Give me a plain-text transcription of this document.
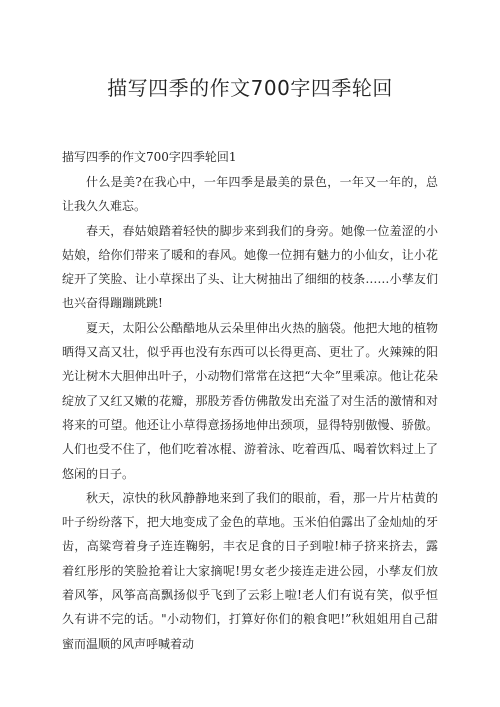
描写四季的作文700字四季轮回
描写四季的作文700字四季轮回1

什么是美?在我心中，一年四季是最美的景色，一年又一年的，总让我久久难忘。

春天，春姑娘踏着轻快的脚步来到我们的身旁。她像一位羞涩的小姑娘，给你们带来了暖和的春风。她像一位拥有魅力的小仙女，让小花绽开了笑脸、让小草探出了头、让大树抽出了细细的枝条……小孳友们也兴奋得蹦蹦跳跳!

夏天，太阳公公酷酷地从云朵里伸出火热的脑袋。他把大地的植物晒得又高又壮，似乎再也没有东西可以长得更高、更壮了。火辣辣的阳光让树木大胆伸出叶子，小动物们常常在这把“大伞”里乘凉。他让花朵绽放了又红又嫩的花瓣，那股芳香仿佛散发出充溢了对生活的激情和对将来的可望。他还让小草得意扬扬地伸出颈项，显得特别傲慢、骄傲。人们也受不住了，他们吃着冰棍、游着泳、吃着西瓜、喝着饮料过上了悠闲的日子。

秋天，凉快的秋风静静地来到了我们的眼前，看，那一片片枯黄的叶子纷纷落下，把大地变成了金色的草地。玉米伯伯露出了金灿灿的牙齿，高粱弯着身子连连鞠躬，丰衣足食的日子到啦!柿子挤来挤去，露着红彤彤的笑脸抢着让大家摘呢!男女老少接连走进公园，小孳友们放着风筝，风筝高高飘扬似乎飞到了云彩上啦!老人们有说有笑，似乎恒久有讲不完的话。"小动物们，打算好你们的粮食吧!”秋姐姐用自己甜蜜而温顺的风声呼喊着动
